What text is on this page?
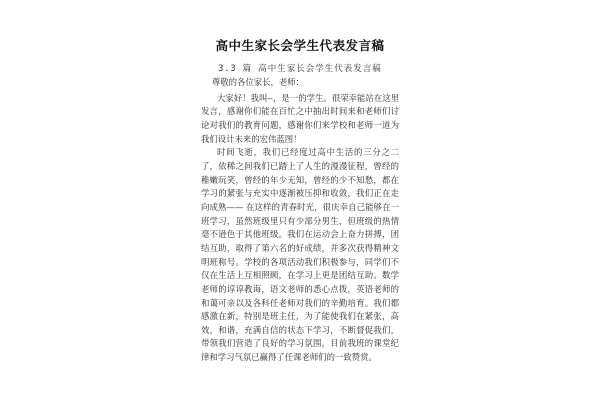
高中生家长会学生代表发言稿
3.3 篇 高中生家长会学生代表发言稿

尊敬的各位家长，老师：

大家好！我叫--，是一的学生。很荣幸能站在这里发言，感谢你们能在百忙之中抽出时间来和老师们讨论对我们的教育问题，感谢你们来学校和老师一道为我们设计未来的宏伟蓝图！

时间飞逝，我们已经度过高中生活的三分之二了，依稀之间我们已踏上了人生的漫漫征程，曾经的稚嫩玩笑，曾经的年少无知，曾经的少不知愁，都在学习的紧张与充实中逐渐被压抑和收敛，我们正在走向成熟—— 在这样的青春时光，很庆幸自己能够在一班学习，虽然班级里只有少部分男生，但班级的热情毫不逊色于其他班级。我们在运动会上奋力拼搏，团结互助，取得了第六名的好成绩，并多次获得精神文明班称号。学校的各项活动我们积极参与，同学们不仅在生活上互相照顾，在学习上更是团结互助。数学老师的谆谆教诲，语文老师的悉心点拨，英语老师的和蔼可亲以及各科任老师对我们的辛勤培育。我们都感激在新，特别是班主任，为了能使我们在紧张，高效，和谐，充满自信的状态下学习，不断督促我们，带领我们营造了良好的学习氛围，目前我班的课堂纪律和学习气氛已赢得了任课老师们的一致赞赏。
